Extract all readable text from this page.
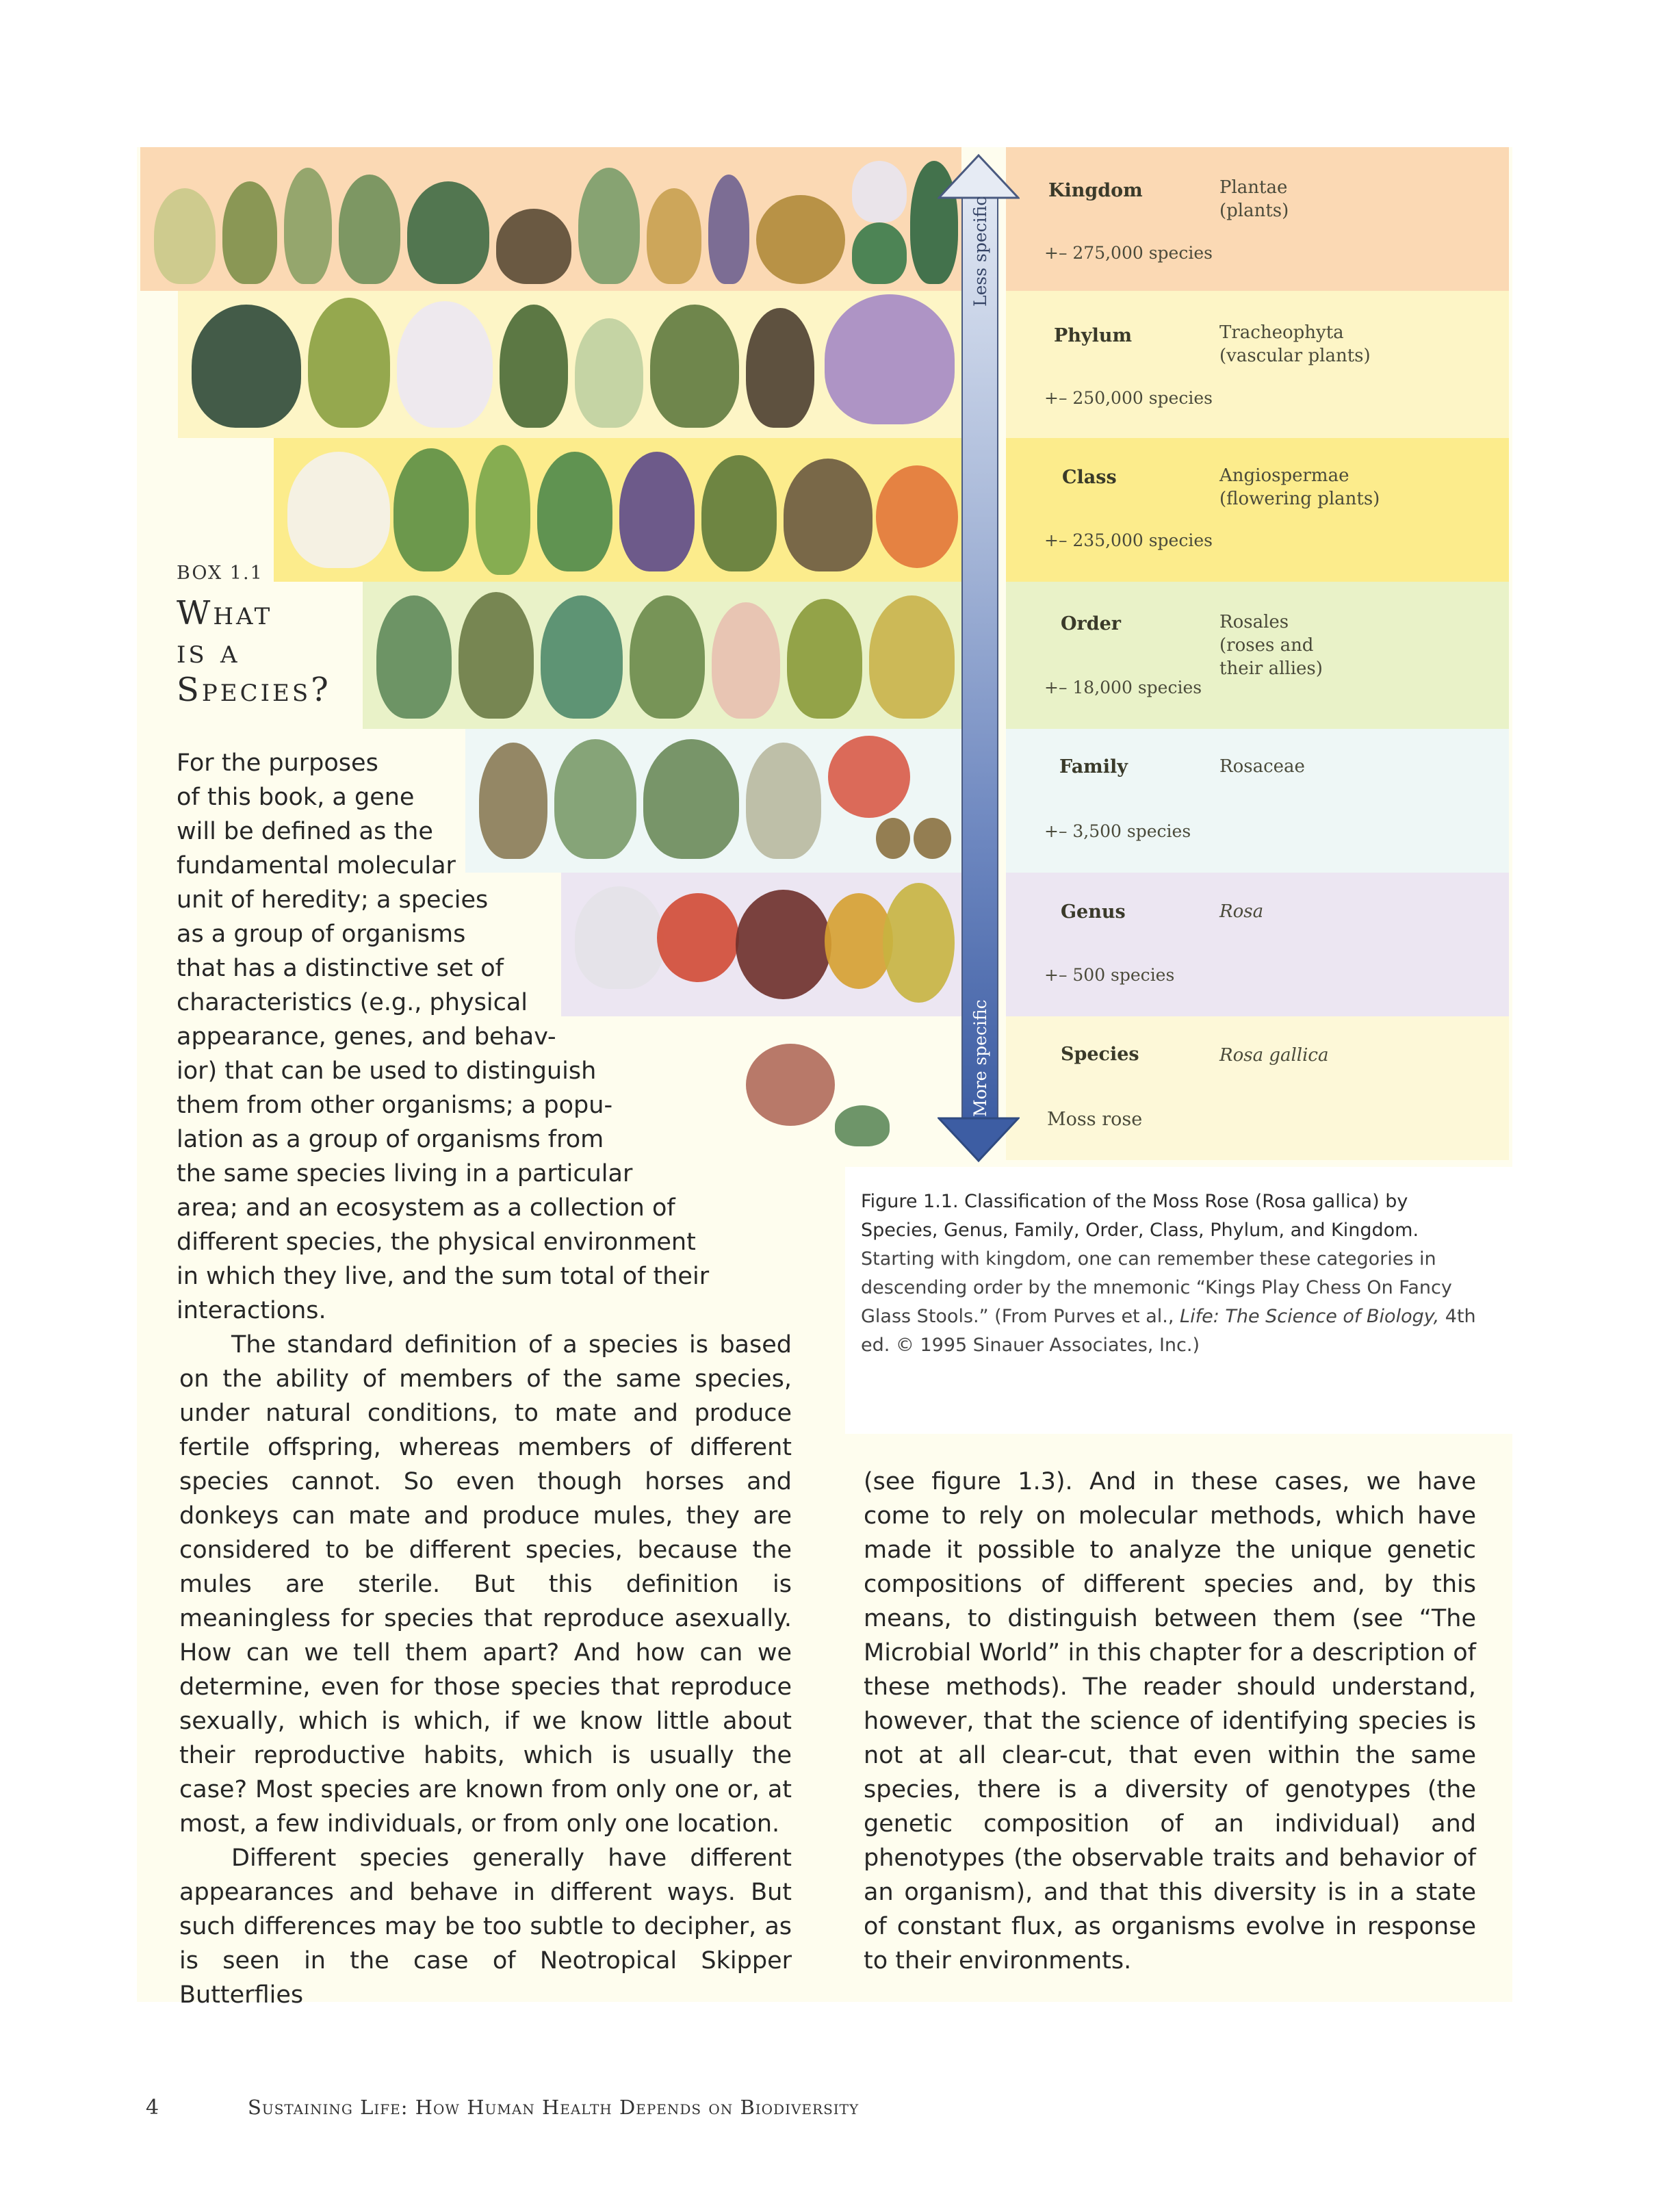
Kingdom
+– 275,000 species
Plantae
(plants)
Phylum
+– 250,000 species
Tracheophyta
(vascular plants)
Class
+– 235,000 species
Angiospermae
(flowering plants)
Order
+– 18,000 species
Rosales
(roses and their allies)
Family
+– 3,500 species
Rosaceae
Genus
+– 500 species
Rosa
Species
Moss rose
Rosa gallica
Less specific
More specific
BOX 1.1
What
is a
Species?
For the purposes
of this book, a gene
will be defined as the
fundamental molecular
unit of heredity; a species
as a group of organisms
that has a distinctive set of
characteristics (e.g., physical
appearance, genes, and behav-
ior) that can be used to distinguish
them from other organisms; a popu-
lation as a group of organisms from
the same species living in a particular
area; and an ecosystem as a collection of
different species, the physical environment
in which they live, and the sum total of their
interactions.

The standard definition of a species is based on the ability of members of the same species, under natural conditions, to mate and produce fertile offspring, whereas members of different species cannot. So even though horses and donkeys can mate and produce mules, they are considered to be different species, because the mules are sterile. But this definition is meaningless for species that reproduce asexually. How can we tell them apart? And how can we determine, even for those species that reproduce sexually, which is which, if we know little about their reproductive habits, which is usually the case? Most species are known from only one or, at most, a few individuals, or from only one location.

Different species generally have different appearances and behave in different ways. But such differences may be too subtle to decipher, as is seen in the case of Neotropical Skipper Butterflies

Figure 1.1. Classification of the Moss Rose (Rosa gallica) by Species, Genus, Family, Order, Class, Phylum, and Kingdom. Starting with kingdom, one can remember these categories in descending order by the mnemonic “Kings Play Chess On Fancy Glass Stools.” (From Purves et al., Life: The Science of Biology, 4th ed. © 1995 Sinauer Associates, Inc.)

(see figure 1.3). And in these cases, we have come to rely on molecular methods, which have made it possible to analyze the unique genetic compositions of different species and, by this means, to distinguish between them (see “The Microbial World” in this chapter for a description of these methods). The reader should understand, however, that the science of identifying species is not at all clear-cut, that even within the same species, there is a diversity of genotypes (the genetic composition of an individual) and phenotypes (the observable traits and behavior of an organism), and that this diversity is in a state of constant flux, as organisms evolve in response to their environments.

4	Sustaining Life: How Human Health Depends on Biodiversity
